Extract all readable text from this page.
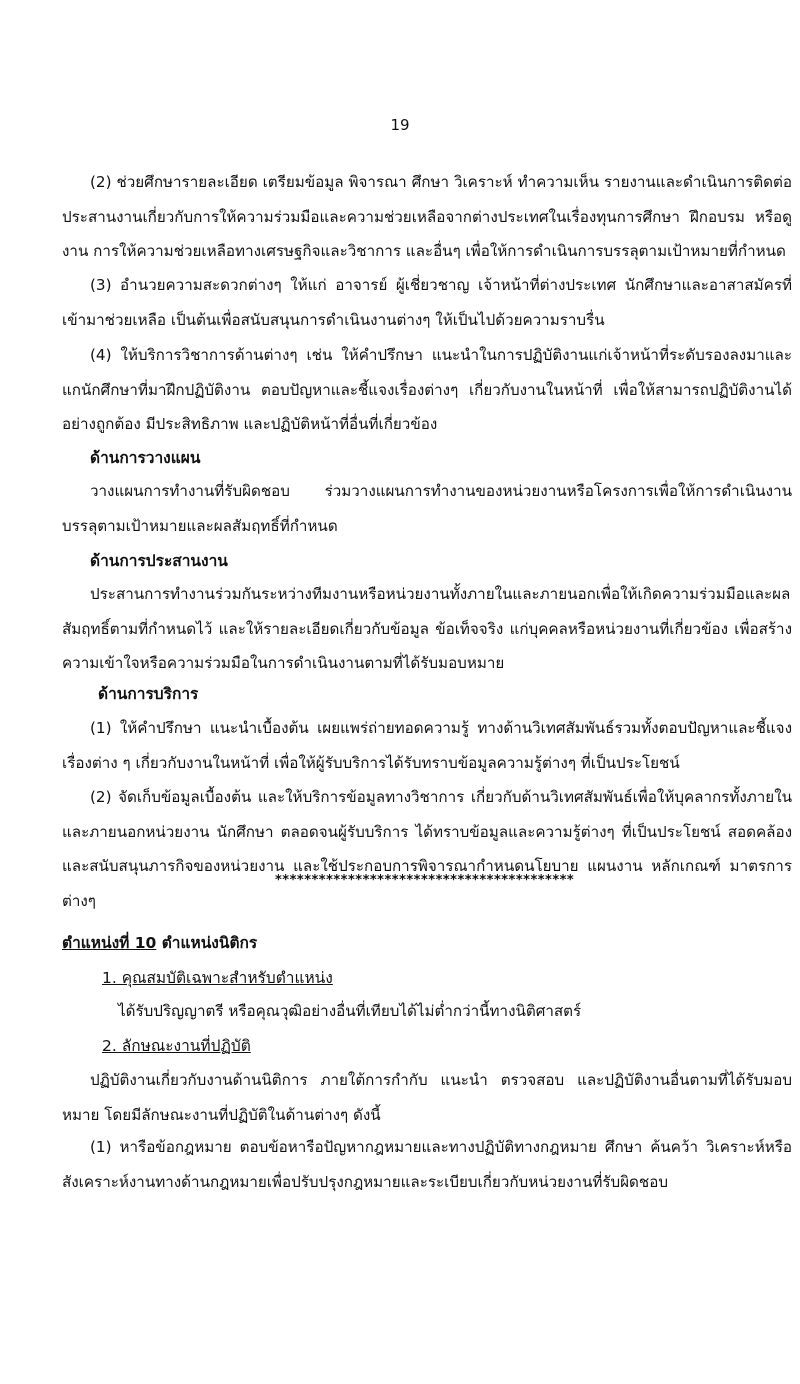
19

(2) ช่วยศึกษารายละเอียด เตรียมข้อมูล พิจารณา ศึกษา วิเคราะห์ ทำความเห็น รายงานและดำเนินการติดต่อประสานงานเกี่ยวกับการให้ความร่วมมือและความช่วยเหลือจากต่างประเทศในเรื่องทุนการศึกษา ฝึกอบรม หรือดูงาน การให้ความช่วยเหลือทางเศรษฐกิจและวิชาการ และอื่นๆ เพื่อให้การดำเนินการบรรลุตามเป้าหมายที่กำหนด

(3) อำนวยความสะดวกต่างๆ ให้แก่ อาจารย์ ผู้เชี่ยวชาญ เจ้าหน้าที่ต่างประเทศ นักศึกษาและอาสาสมัครที่เข้ามาช่วยเหลือ เป็นต้นเพื่อสนับสนุนการดำเนินงานต่างๆ ให้เป็นไปด้วยความราบรื่น

(4) ให้บริการวิชาการด้านต่างๆ เช่น ให้คำปรึกษา แนะนำในการปฏิบัติงานแก่เจ้าหน้าที่ระดับรองลงมาและแกนักศึกษาที่มาฝึกปฏิบัติงาน ตอบปัญหาและชี้แจงเรื่องต่างๆ เกี่ยวกับงานในหน้าที่ เพื่อให้สามารถปฏิบัติงานได้อย่างถูกต้อง มีประสิทธิภาพ และปฏิบัติหน้าที่อื่นที่เกี่ยวข้อง

ด้านการวางแผน

วางแผนการทำงานที่รับผิดชอบ ร่วมวางแผนการทำงานของหน่วยงานหรือโครงการเพื่อให้การดำเนินงานบรรลุตามเป้าหมายและผลสัมฤทธิ์ที่กำหนด

ด้านการประสานงาน

ประสานการทำงานร่วมกันระหว่างทีมงานหรือหน่วยงานทั้งภายในและภายนอกเพื่อให้เกิดความร่วมมือและผลสัมฤทธิ์ตามที่กำหนดไว้ และให้รายละเอียดเกี่ยวกับข้อมูล ข้อเท็จจริง แก่บุคคลหรือหน่วยงานที่เกี่ยวข้อง เพื่อสร้างความเข้าใจหรือความร่วมมือในการดำเนินงานตามที่ได้รับมอบหมาย

ด้านการบริการ

(1) ให้คำปรึกษา แนะนำเบื้องต้น เผยแพร่ถ่ายทอดความรู้ ทางด้านวิเทศสัมพันธ์รวมทั้งตอบปัญหาและชี้แจงเรื่องต่าง ๆ เกี่ยวกับงานในหน้าที่ เพื่อให้ผู้รับบริการได้รับทราบข้อมูลความรู้ต่างๆ ที่เป็นประโยชน์

(2) จัดเก็บข้อมูลเบื้องต้น และให้บริการข้อมูลทางวิชาการ เกี่ยวกับด้านวิเทศสัมพันธ์เพื่อให้บุคลากรทั้งภายในและภายนอกหน่วยงาน นักศึกษา ตลอดจนผู้รับบริการ ได้ทราบข้อมูลและความรู้ต่างๆ ที่เป็นประโยชน์ สอดคล้องและสนับสนุนภารกิจของหน่วยงาน และใช้ประกอบการพิจารณากำหนดนโยบาย แผนงาน หลักเกณฑ์ มาตรการต่างๆ

*****************************************
ตำแหน่งที่ 10 ตำแหน่งนิติกร
1. คุณสมบัติเฉพาะสำหรับตำแหน่ง

ได้รับปริญญาตรี หรือคุณวุฒิอย่างอื่นที่เทียบได้ไม่ต่ำกว่านี้ทางนิติศาสตร์

2. ลักษณะงานที่ปฏิบัติ

ปฏิบัติงานเกี่ยวกับงานด้านนิติการ ภายใต้การกำกับ แนะนำ ตรวจสอบ และปฏิบัติงานอื่นตามที่ได้รับมอบหมาย โดยมีลักษณะงานที่ปฏิบัติในด้านต่างๆ ดังนี้

(1) หารือข้อกฎหมาย ตอบข้อหารือปัญหากฎหมายและทางปฏิบัติทางกฎหมาย ศึกษา ค้นคว้า วิเคราะห์หรือสังเคราะห์งานทางด้านกฎหมายเพื่อปรับปรุงกฎหมายและระเบียบเกี่ยวกับหน่วยงานที่รับผิดชอบ
